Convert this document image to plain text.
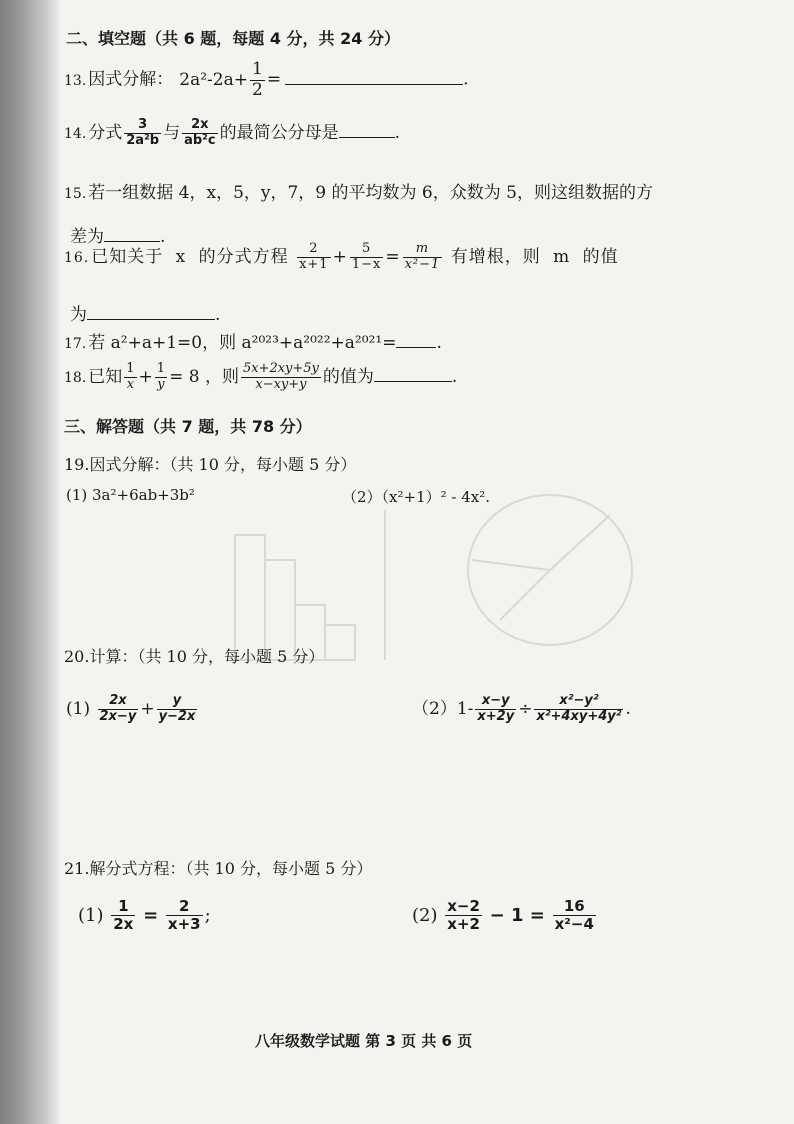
二、填空题（共 6 题，每题 4 分，共 24 分）
13. 因式分解： $2a^2-2a+ \frac{1}{2}$ =	.
14. 分式 $\frac{3}{\text{2a²b}}$ 与 $\frac{2x}{\text{ab²c}}$ 的最简公分母是	.
15. 若一组数据 4，x，5，y，7，9 的平均数为 6，众数为 5，则这组数据的方
差为	.
16. 已知关于 x 的分式方程 $\frac{2}{x+1} + \frac{5}{1-x} = \frac{m}{\text{x²−1}}$ 有增根，则 m 的值
为	.
17. 若 a²+a+1=0，则 a²⁰²³+a²⁰²²+a²⁰²¹= .
18. 已知 $\frac{1}{x} + \frac{1}{y} = 8$ ，则 $\frac{5x+2xy+5y}{x-xy+y}$ 的值为	.
三、解答题（共 7 题，共 78 分）
19.因式分解：（共 10 分，每小题 5 分）
(1) 3a²+6ab+3b²	（2）（x²+1）² - 4x².
20.计算：（共 10 分，每小题 5 分）
$(1) \frac{2x}{2x-y} + \frac{y}{y-2x}$	$(2)1- \frac{x-y}{x+2y} \div \frac{\text{x²−y²}}{\text{x²+4xy+4y²}}$ .
21.解分式方程：（共 10 分，每小题 5 分）
$(1) \frac{1}{2x} = \frac{2}{x+3}$ ;	$(2) \frac{x-2}{x+2} - 1 = \frac{16}{\text{x²−4}}$
八年级数学试题 第 3 页 共 6 页
